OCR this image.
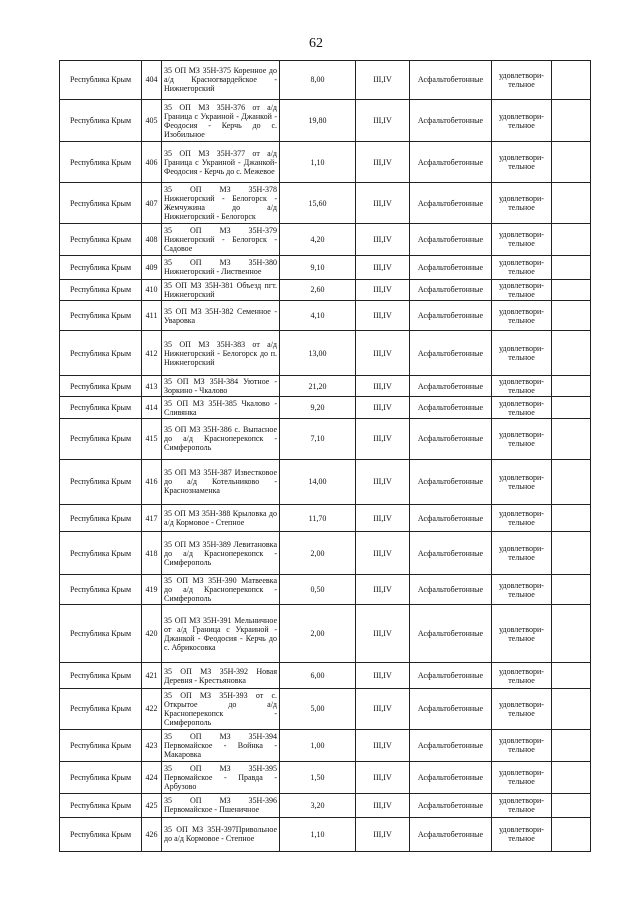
62
Республика Крым	404	35 ОП МЗ 35Н-375 Коренное до а/д Красногвардейское - Нижнегорский	8,00	III,IV	Асфальтобетонные	удовлетвори-тельное	
Республика Крым	405	35 ОП МЗ 35Н-376 от а/д Граница с Украиной - Джанкой - Феодосия - Керчь до с. Изобильное	19,80	III,IV	Асфальтобетонные	удовлетвори-тельное	
Республика Крым	406	35 ОП МЗ 35Н-377 от а/д Граница с Украиной - Джанкой- Феодосия - Керчь до с. Межевое	1,10	III,IV	Асфальтобетонные	удовлетвори-тельное	
Республика Крым	407	35 ОП МЗ 35Н-378 Нижнегорский - Белогорск - Жемчужина до а/д Нижнегорский - Белогорск	15,60	III,IV	Асфальтобетонные	удовлетвори-тельное	
Республика Крым	408	35 ОП МЗ 35Н-379 Нижнегорский - Белогорск - Садовое	4,20	III,IV	Асфальтобетонные	удовлетвори-тельное	
Республика Крым	409	35 ОП МЗ 35Н-380 Нижнегорский - Лиственное	9,10	III,IV	Асфальтобетонные	удовлетвори-тельное	
Республика Крым	410	35 ОП МЗ 35Н-381 Объезд пгт. Нижнегорский	2,60	III,IV	Асфальтобетонные	удовлетвори-тельное	
Республика Крым	411	35 ОП МЗ 35Н-382 Семенное - Уваровка	4,10	III,IV	Асфальтобетонные	удовлетвори-тельное	
Республика Крым	412	35 ОП МЗ 35Н-383 от а/д Нижнегорский - Белогорск до п. Нижнегорский	13,00	III,IV	Асфальтобетонные	удовлетвори-тельное	
Республика Крым	413	35 ОП МЗ 35Н-384 Уютное - Зоркино - Чкалово	21,20	III,IV	Асфальтобетонные	удовлетвори-тельное	
Республика Крым	414	35 ОП МЗ 35Н-385 Чкалово - Сливянка	9,20	III,IV	Асфальтобетонные	удовлетвори-тельное	
Республика Крым	415	35 ОП МЗ 35Н-386 с. Выпасное до а/д Красноперекопск - Симферополь	7,10	III,IV	Асфальтобетонные	удовлетвори-тельное	
Республика Крым	416	35 ОП МЗ 35Н-387 Известковое до а/д Котельниково - Краснознаменка	14,00	III,IV	Асфальтобетонные	удовлетвори-тельное	
Республика Крым	417	35 ОП МЗ 35Н-388 Крыловка до а/д Кормовое - Степное	11,70	III,IV	Асфальтобетонные	удовлетвори-тельное	
Республика Крым	418	35 ОП МЗ 35Н-389 Левитановка до а/д Красноперекопск - Симферополь	2,00	III,IV	Асфальтобетонные	удовлетвори-тельное	
Республика Крым	419	35 ОП МЗ 35Н-390 Матвеевка до а/д Красноперекопск - Симферополь	0,50	III,IV	Асфальтобетонные	удовлетвори-тельное	
Республика Крым	420	35 ОП МЗ 35Н-391 Мельничное от а/д Граница с Украиной - Джанкой - Феодосия - Керчь до с. Абрикосовка	2,00	III,IV	Асфальтобетонные	удовлетвори-тельное	
Республика Крым	421	35 ОП МЗ 35Н-392 Новая Деревня - Крестьяновка	6,00	III,IV	Асфальтобетонные	удовлетвори-тельное	
Республика Крым	422	35 ОП МЗ 35Н-393 от с. Открытое до а/д Красноперекопск - Симферополь	5,00	III,IV	Асфальтобетонные	удовлетвори-тельное	
Республика Крым	423	35 ОП МЗ 35Н-394 Первомайское - Войнка - Макаровка	1,00	III,IV	Асфальтобетонные	удовлетвори-тельное	
Республика Крым	424	35 ОП МЗ 35Н-395 Первомайское - Правда - Арбузово	1,50	III,IV	Асфальтобетонные	удовлетвори-тельное	
Республика Крым	425	35 ОП МЗ 35Н-396 Первомайское - Пшеничное	3,20	III,IV	Асфальтобетонные	удовлетвори-тельное	
Республика Крым	426	35 ОП МЗ 35Н-397Привольное до а/д Кормовое - Степное	1,10	III,IV	Асфальтобетонные	удовлетвори-тельное	
